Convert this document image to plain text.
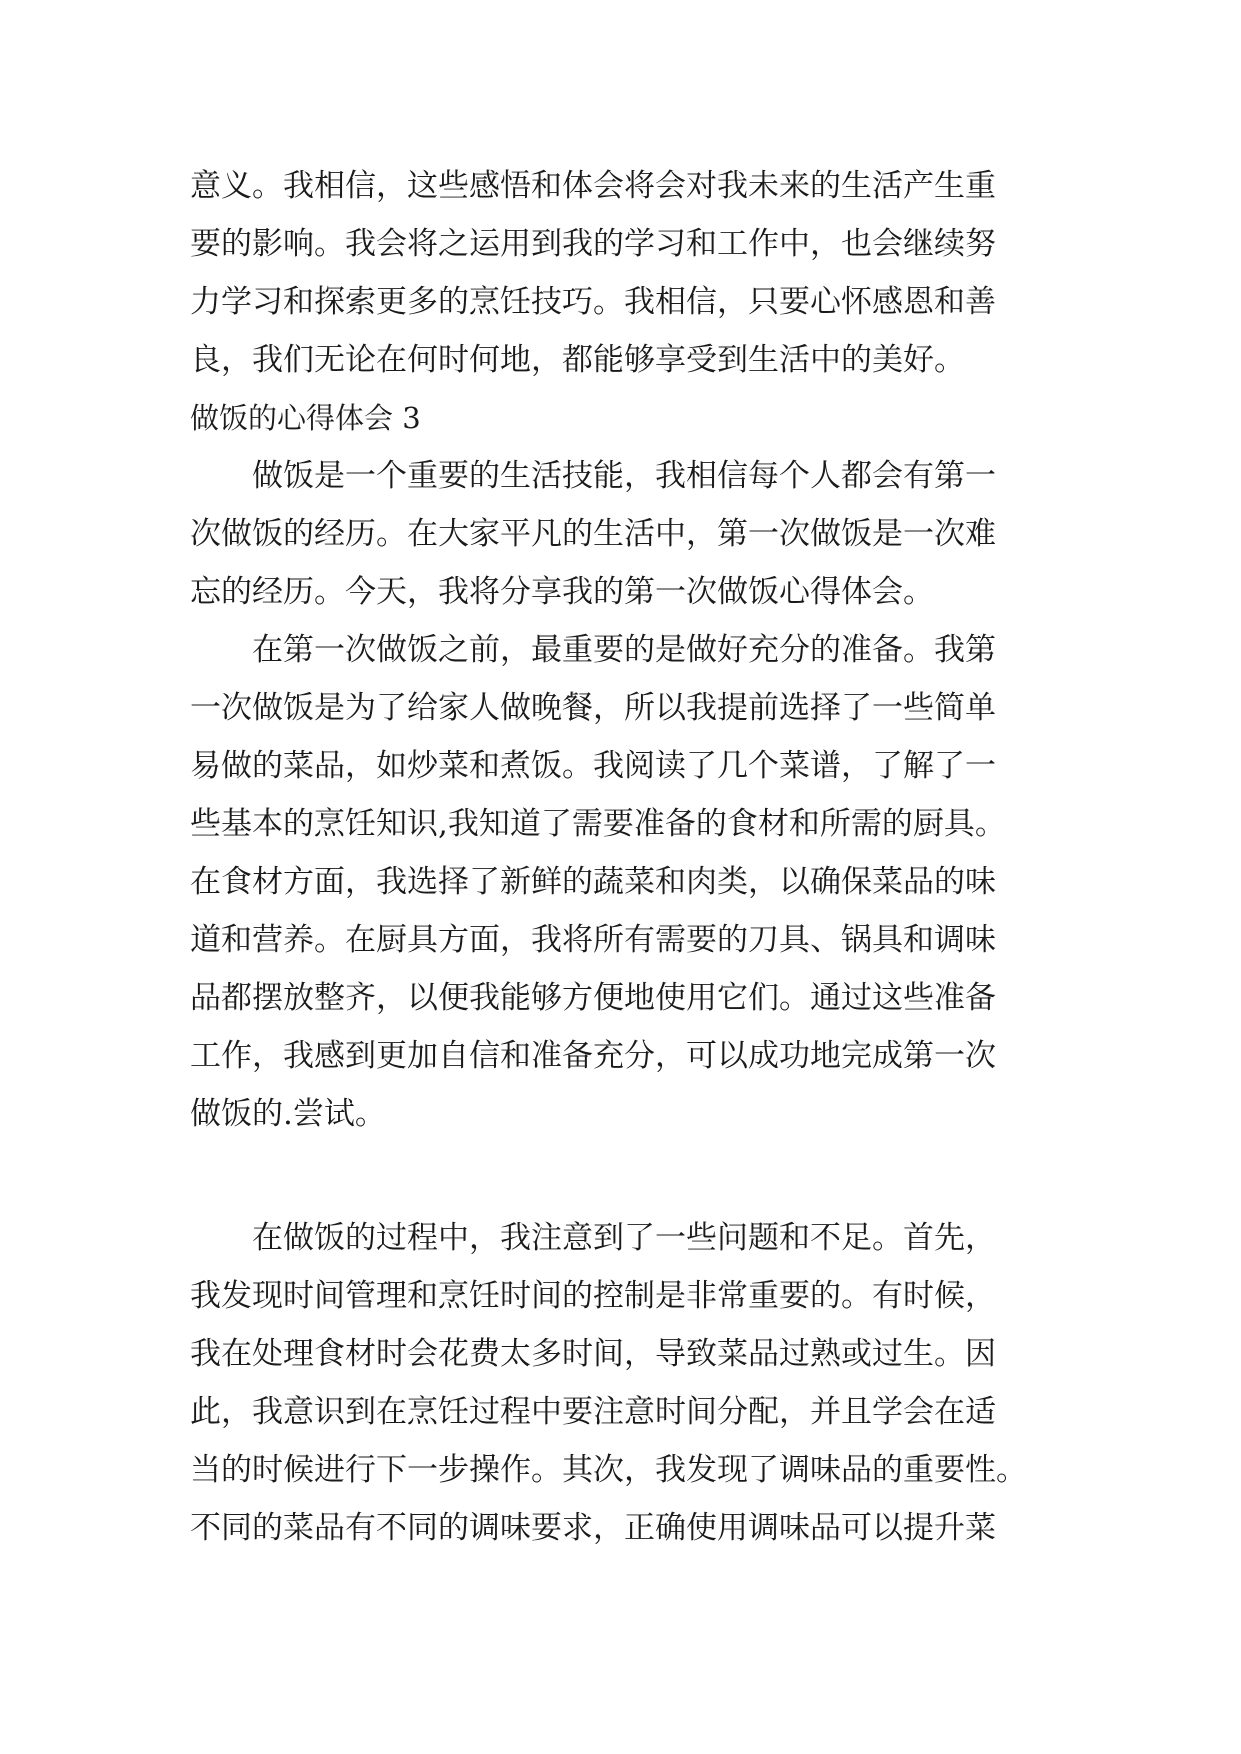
意义。我相信，这些感悟和体会将会对我未来的生活产生重
要的影响。我会将之运用到我的学习和工作中，也会继续努
力学习和探索更多的烹饪技巧。我相信，只要心怀感恩和善
良，我们无论在何时何地，都能够享受到生活中的美好。
做饭的心得体会 3
　　做饭是一个重要的生活技能，我相信每个人都会有第一
次做饭的经历。在大家平凡的生活中，第一次做饭是一次难
忘的经历。今天，我将分享我的第一次做饭心得体会。
　　在第一次做饭之前，最重要的是做好充分的准备。我第
一次做饭是为了给家人做晚餐，所以我提前选择了一些简单
易做的菜品，如炒菜和煮饭。我阅读了几个菜谱，了解了一
些基本的烹饪知识,我知道了需要准备的食材和所需的厨具。
在食材方面，我选择了新鲜的蔬菜和肉类，以确保菜品的味
道和营养。在厨具方面，我将所有需要的刀具、锅具和调味
品都摆放整齐，以便我能够方便地使用它们。通过这些准备
工作，我感到更加自信和准备充分，可以成功地完成第一次
做饭的.尝试。
　　在做饭的过程中，我注意到了一些问题和不足。首先，
我发现时间管理和烹饪时间的控制是非常重要的。有时候，
我在处理食材时会花费太多时间，导致菜品过熟或过生。因
此，我意识到在烹饪过程中要注意时间分配，并且学会在适
当的时候进行下一步操作。其次，我发现了调味品的重要性。
不同的菜品有不同的调味要求，正确使用调味品可以提升菜
